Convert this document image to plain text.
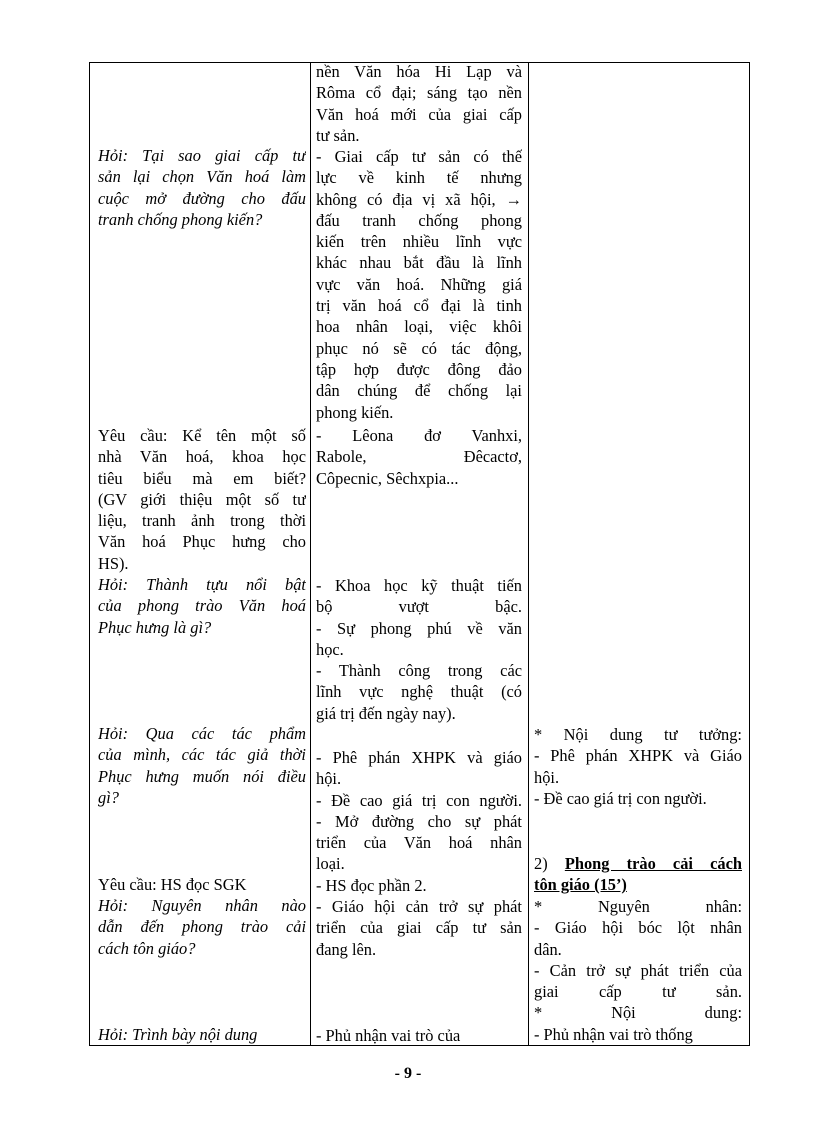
Hỏi: Tại sao giai cấp tư
sản lại chọn Văn hoá làm
cuộc mở đường cho đấu
tranh chống phong kiến?
Yêu cầu: Kể tên một số
nhà Văn hoá, khoa học
tiêu biểu mà em biết?
(GV giới thiệu một số tư
liệu, tranh ảnh trong thời
Văn hoá Phục hưng cho
HS).
Hỏi: Thành tựu nổi bật
của phong trào Văn hoá
Phục hưng là gì?
Hỏi: Qua các tác phẩm
của mình, các tác giả thời
Phục hưng muốn nói điều
gì?
Yêu cầu: HS đọc SGK
Hỏi: Nguyên nhân nào
dẫn đến phong trào cải
cách tôn giáo?
Hỏi: Trình bày nội dung
nền Văn hóa Hi Lạp và
Rôma cổ đại; sáng tạo nền
Văn hoá mới của giai cấp
tư sản.
- Giai cấp tư sản có thế
lực về kinh tế nhưng
không có địa vị xã hội, →
đấu tranh chống phong
kiến trên nhiều lĩnh vực
khác nhau bắt đầu là lĩnh
vực văn hoá. Những giá
trị văn hoá cổ đại là tinh
hoa nhân loại, việc khôi
phục nó sẽ có tác động,
tập hợp được đông đảo
dân chúng để chống lại
phong kiến.
- Lêona đơ Vanhxi,
Rabole, Đêcactơ,
Côpecnic, Sêchxpia...
- Khoa học kỹ thuật tiến
bộ vượt bậc.
- Sự phong phú về văn
học.
- Thành công trong các
lĩnh vực nghệ thuật (có
giá trị đến ngày nay).
- Phê phán XHPK và giáo
hội.
- Đề cao giá trị con người.
- Mở đường cho sự phát
triển của Văn hoá nhân
loại.
- HS đọc phần 2.
- Giáo hội cản trở sự phát
triển của giai cấp tư sản
đang lên.
- Phủ nhận vai trò của
* Nội dung tư tưởng:
- Phê phán XHPK và Giáo
hội.
- Đề cao giá trị con người.
2) Phong trào cải cách
tôn giáo (15’)
* Nguyên nhân:
- Giáo hội bóc lột nhân
dân.
- Cản trở sự phát triển của
giai cấp tư sản.
* Nội dung:
- Phủ nhận vai trò thống
- 9 -
